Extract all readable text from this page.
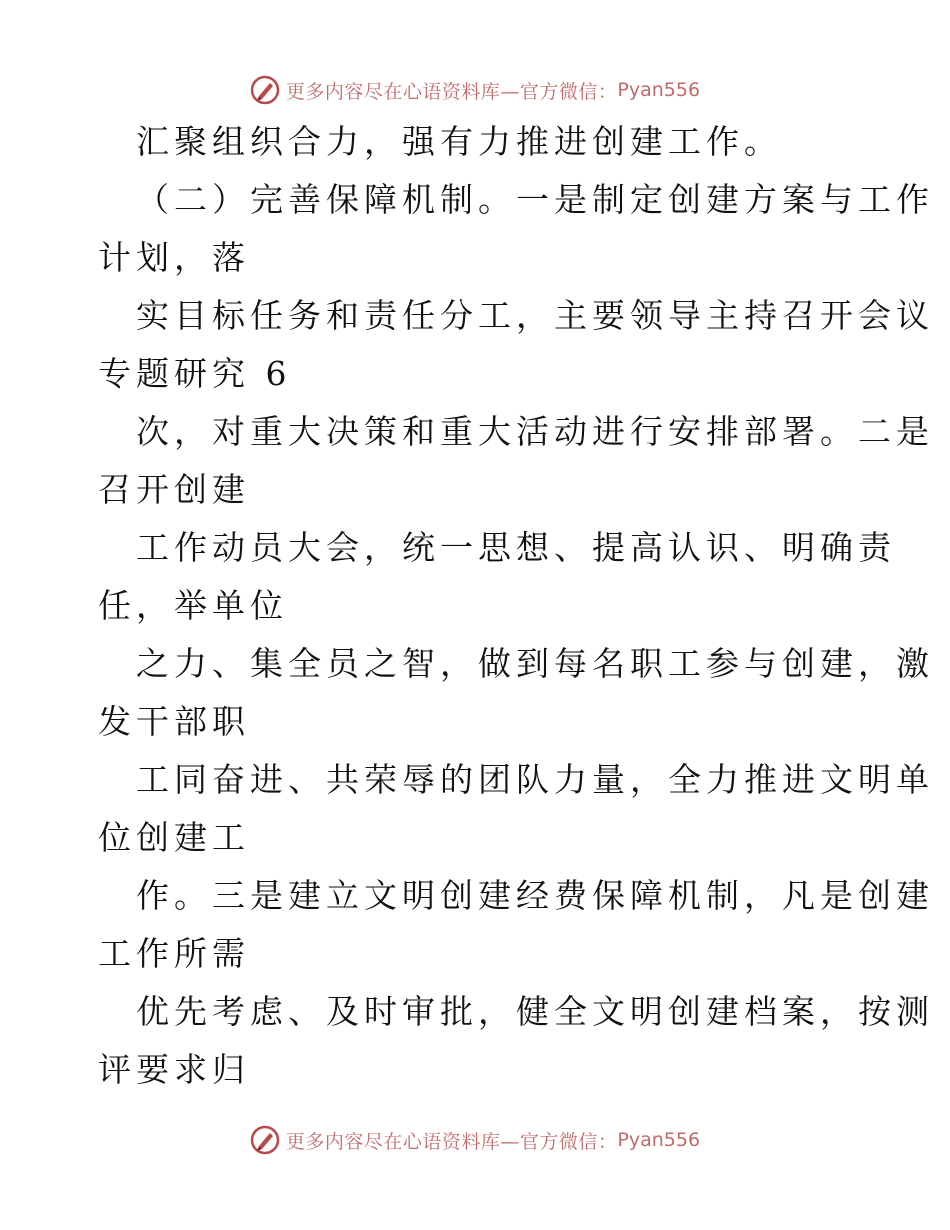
更多内容尽在心语资料库—官方微信： Pyan556
汇聚组织合力，强有力推进创建工作。
（二）完善保障机制。一是制定创建方案与工作
计划，落
实目标任务和责任分工，主要领导主持召开会议
专题研究 6
次，对重大决策和重大活动进行安排部署。二是
召开创建
工作动员大会，统一思想、提高认识、明确责
任，举单位
之力、集全员之智，做到每名职工参与创建，激
发干部职
工同奋进、共荣辱的团队力量，全力推进文明单
位创建工
作。三是建立文明创建经费保障机制，凡是创建
工作所需
优先考虑、及时审批，健全文明创建档案，按测
评要求归
更多内容尽在心语资料库—官方微信： Pyan556
